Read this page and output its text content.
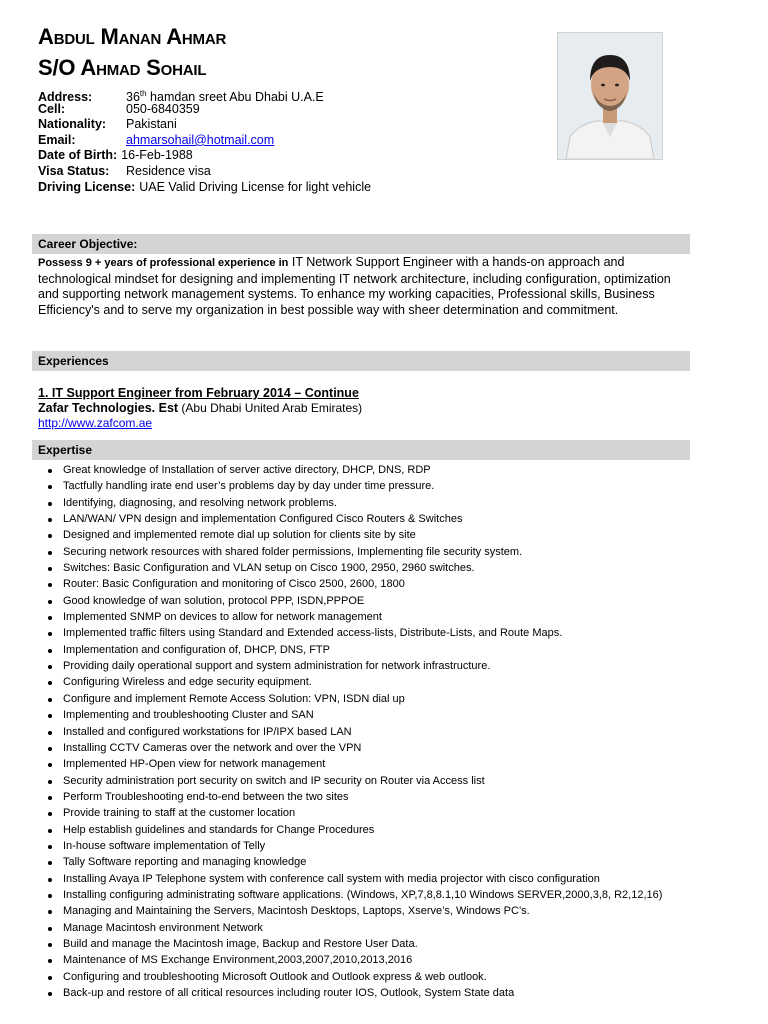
Abdul Manan Ahmar
S/O Ahmad Sohail
Address:	36th hamdan sreet Abu Dhabi U.A.E
Cell:	050-6840359
Nationality: Pakistani
Email:	ahmarsohail@hotmail.com
Date of Birth: 16-Feb-1988
Visa Status: Residence visa
Driving License: UAE Valid Driving License for light vehicle
Career Objective:
Possess 9 + years of professional experience in IT Network Support Engineer with a hands-on approach and technological mindset for designing and implementing IT network architecture, including configuration, optimization and supporting network management systems. To enhance my working capacities, Professional skills, Business Efficiency's and to serve my organization in best possible way with sheer determination and commitment.
Experiences
1. IT Support Engineer from February 2014 – Continue
Zafar Technologies. Est (Abu Dhabi United Arab Emirates)
http://www.zafcom.ae
Expertise
Great knowledge of Installation of server active directory, DHCP, DNS, RDP
Tactfully handling irate end user’s problems day by day under time pressure.
Identifying, diagnosing, and resolving network problems.
LAN/WAN/ VPN design and implementation Configured Cisco Routers & Switches
Designed and implemented remote dial up solution for clients site by site
Securing network resources with shared folder permissions, Implementing file security system.
Switches: Basic Configuration and VLAN setup on Cisco 1900, 2950, 2960 switches.
Router: Basic Configuration and monitoring of Cisco 2500, 2600, 1800
Good knowledge of wan solution, protocol PPP, ISDN,PPPOE
Implemented SNMP on devices to allow for network management
Implemented traffic filters using Standard and Extended access-lists, Distribute-Lists, and Route Maps.
Implementation and configuration of, DHCP, DNS, FTP
Providing daily operational support and system administration for network infrastructure.
Configuring Wireless and edge security equipment.
Configure and implement Remote Access Solution: VPN, ISDN dial up
Implementing and troubleshooting Cluster and SAN
Installed and configured workstations for IP/IPX based LAN
Installing CCTV Cameras over the network and over the VPN
Implemented HP-Open view for network management
Security administration port security on switch and IP security on Router via Access list
Perform Troubleshooting end-to-end between the two sites
Provide training to staff at the customer location
Help establish guidelines and standards for Change Procedures
In-house software implementation of Telly
Tally Software reporting and managing knowledge
Installing Avaya IP Telephone system with conference call system with media projector with cisco configuration
Installing configuring administrating software applications. (Windows, XP,7,8,8.1,10 Windows SERVER,2000,3,8, R2,12,16)
Managing and Maintaining the Servers, Macintosh Desktops, Laptops, Xserve’s, Windows PC’s.
Manage Macintosh environment Network
Build and manage the Macintosh image, Backup and Restore User Data.
Maintenance of MS Exchange Environment,2003,2007,2010,2013,2016
Configuring and troubleshooting Microsoft Outlook and Outlook express & web outlook.
Back-up and restore of all critical resources including router IOS, Outlook, System State data
